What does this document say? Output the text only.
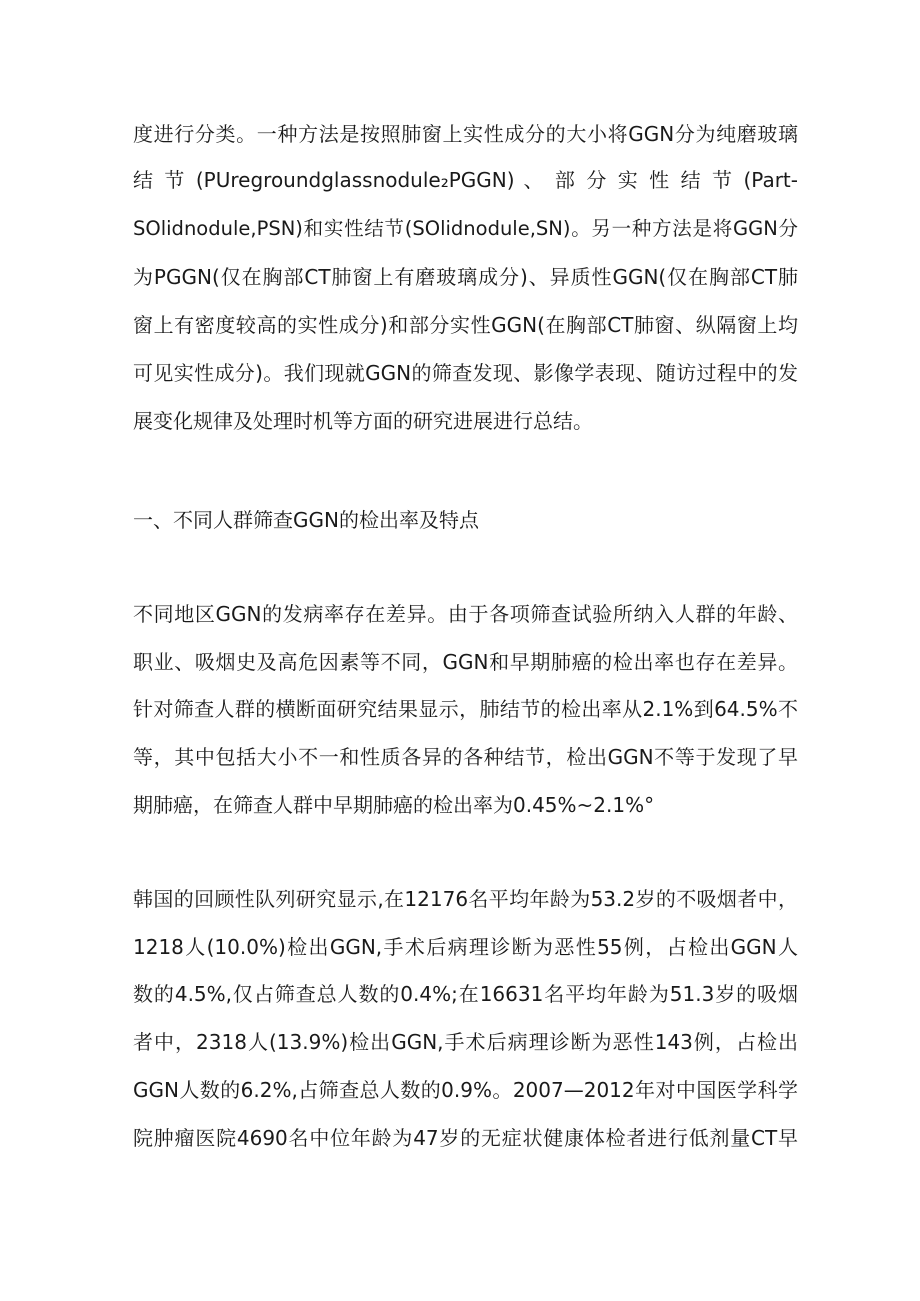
度进行分类。一种方法是按照肺窗上实性成分的大小将GGN分为纯磨玻璃
结 节 (PUregroundglassnodule₂PGGN) 、 部 分 实 性 结 节 (Part-
SOlidnodule,PSN)和实性结节(SOlidnodule,SN)。另一种方法是将GGN分
为PGGN(仅在胸部CT肺窗上有磨玻璃成分)、异质性GGN(仅在胸部CT肺
窗上有密度较高的实性成分)和部分实性GGN(在胸部CT肺窗、纵隔窗上均
可见实性成分)。我们现就GGN的筛查发现、影像学表现、随访过程中的发
展变化规律及处理时机等方面的研究进展进行总结。
一、不同人群筛查GGN的检出率及特点
不同地区GGN的发病率存在差异。由于各项筛查试验所纳入人群的年龄、
职业、吸烟史及高危因素等不同，GGN和早期肺癌的检出率也存在差异。
针对筛查人群的横断面研究结果显示，肺结节的检出率从2.1%到64.5%不
等，其中包括大小不一和性质各异的各种结节，检出GGN不等于发现了早
期肺癌，在筛查人群中早期肺癌的检出率为0.45%~2.1%°
韩国的回顾性队列研究显示,在12176名平均年龄为53.2岁的不吸烟者中，
1218人(10.0%)检出GGN,手术后病理诊断为恶性55例，占检出GGN人
数的4.5%,仅占筛查总人数的0.4%;在16631名平均年龄为51.3岁的吸烟
者中，2318人(13.9%)检出GGN,手术后病理诊断为恶性143例，占检出
GGN人数的6.2%,占筛查总人数的0.9%。2007—2012年对中国医学科学
院肿瘤医院4690名中位年龄为47岁的无症状健康体检者进行低剂量CT早
